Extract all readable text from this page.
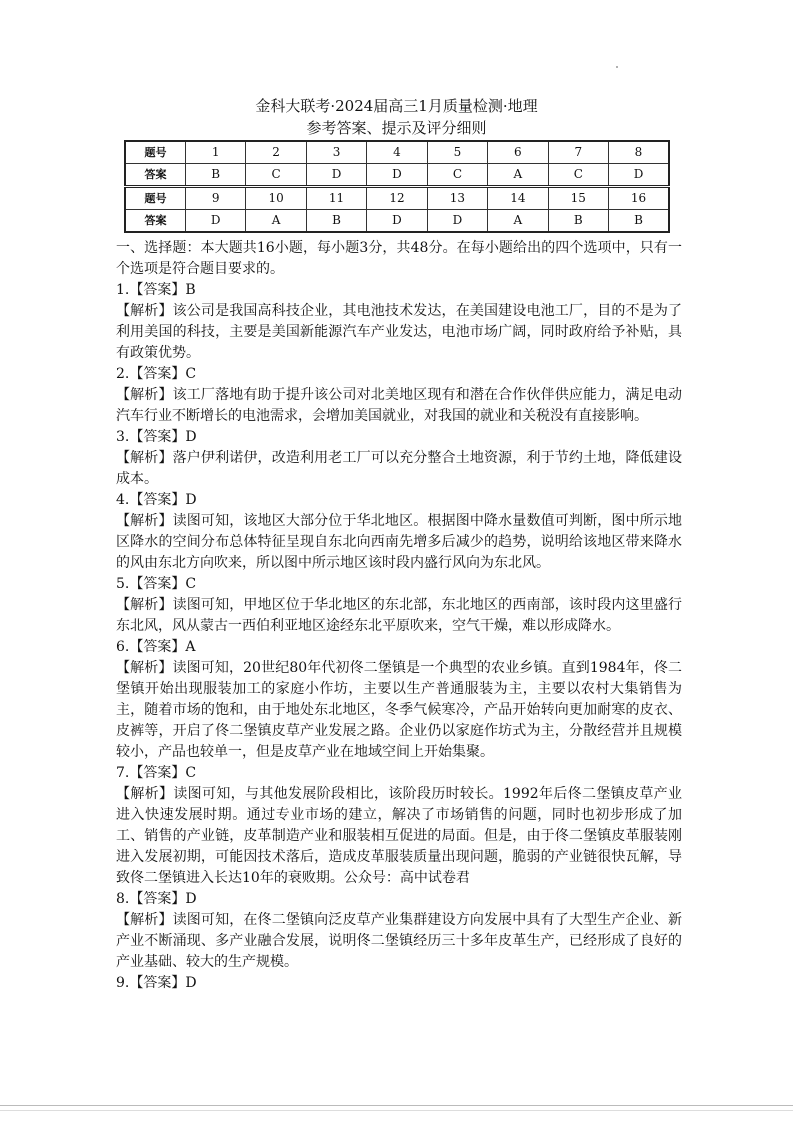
金科大联考·2024届高三1月质量检测·地理
参考答案、提示及评分细则
题号	1	2	3	4	5	6	7	8
答案	B	C	D	D	C	A	C	D
题号	9	10	11	12	13	14	15	16
答案	D	A	B	D	D	A	B	B

一、选择题：本大题共16小题，每小题3分，共48分。在每小题给出的四个选项中，只有一个选项是符合题目要求的。

1.【答案】B

【解析】该公司是我国高科技企业，其电池技术发达，在美国建设电池工厂，目的不是为了利用美国的科技，主要是美国新能源汽车产业发达，电池市场广阔，同时政府给予补贴，具有政策优势。

2.【答案】C

【解析】该工厂落地有助于提升该公司对北美地区现有和潜在合作伙伴供应能力，满足电动汽车行业不断增长的电池需求，会增加美国就业，对我国的就业和关税没有直接影响。

3.【答案】D

【解析】落户伊利诺伊，改造利用老工厂可以充分整合土地资源，利于节约土地，降低建设成本。

4.【答案】D

【解析】读图可知，该地区大部分位于华北地区。根据图中降水量数值可判断，图中所示地区降水的空间分布总体特征呈现自东北向西南先增多后减少的趋势，说明给该地区带来降水的风由东北方向吹来，所以图中所示地区该时段内盛行风向为东北风。

5.【答案】C

【解析】读图可知，甲地区位于华北地区的东北部，东北地区的西南部，该时段内这里盛行东北风，风从蒙古一西伯利亚地区途经东北平原吹来，空气干燥，难以形成降水。

6.【答案】A

【解析】读图可知，20世纪80年代初佟二堡镇是一个典型的农业乡镇。直到1984年，佟二堡镇开始出现服装加工的家庭小作坊，主要以生产普通服装为主，主要以农村大集销售为主，随着市场的饱和，由于地处东北地区，冬季气候寒冷，产品开始转向更加耐寒的皮衣、皮裤等，开启了佟二堡镇皮草产业发展之路。企业仍以家庭作坊式为主，分散经营并且规模较小，产品也较单一，但是皮草产业在地域空间上开始集聚。

7.【答案】C

【解析】读图可知，与其他发展阶段相比，该阶段历时较长。1992年后佟二堡镇皮草产业进入快速发展时期。通过专业市场的建立，解决了市场销售的问题，同时也初步形成了加工、销售的产业链，皮革制造产业和服装相互促进的局面。但是，由于佟二堡镇皮革服装刚进入发展初期，可能因技术落后，造成皮革服装质量出现问题，脆弱的产业链很快瓦解，导致佟二堡镇进入长达10年的衰败期。公众号：高中试卷君

8.【答案】D

【解析】读图可知，在佟二堡镇向泛皮草产业集群建设方向发展中具有了大型生产企业、新产业不断涌现、多产业融合发展，说明佟二堡镇经历三十多年皮革生产，已经形成了良好的产业基础、较大的生产规模。

9.【答案】D
